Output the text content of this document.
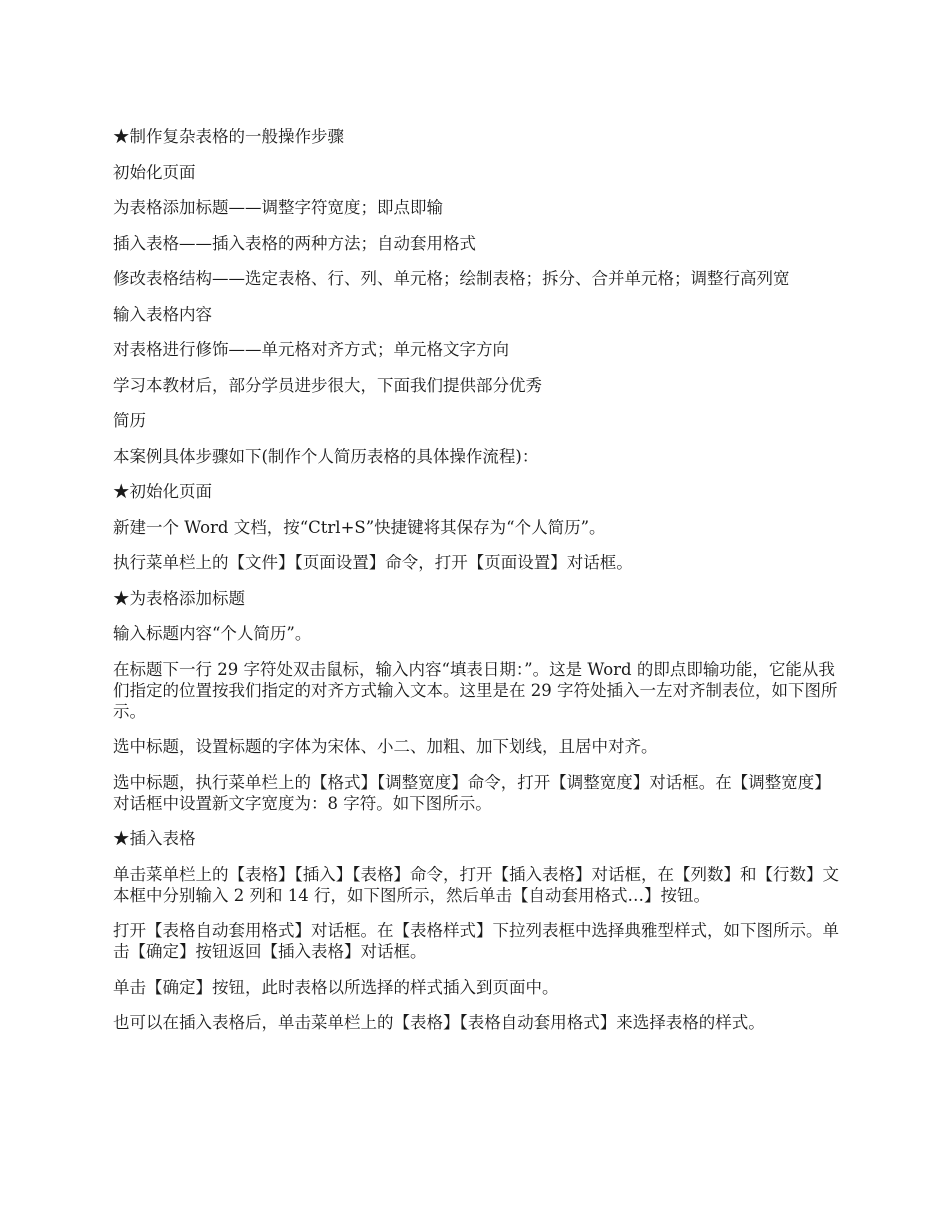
★制作复杂表格的一般操作步骤

初始化页面

为表格添加标题——调整字符宽度；即点即输

插入表格——插入表格的两种方法；自动套用格式

修改表格结构——选定表格、行、列、单元格；绘制表格；拆分、合并单元格；调整行高列宽

输入表格内容

对表格进行修饰——单元格对齐方式；单元格文字方向

学习本教材后，部分学员进步很大，下面我们提供部分优秀

简历

本案例具体步骤如下(制作个人简历表格的具体操作流程)：

★初始化页面

新建一个 Word 文档，按“Ctrl+S”快捷键将其保存为“个人简历”。

执行菜单栏上的【文件】【页面设置】命令，打开【页面设置】对话框。

★为表格添加标题

输入标题内容“个人简历”。

在标题下一行 29 字符处双击鼠标，输入内容“填表日期：”。这是 Word 的即点即输功能，它能从我们指定的位置按我们指定的对齐方式输入文本。这里是在 29 字符处插入一左对齐制表位，如下图所示。

选中标题，设置标题的字体为宋体、小二、加粗、加下划线，且居中对齐。

选中标题，执行菜单栏上的【格式】【调整宽度】命令，打开【调整宽度】对话框。在【调整宽度】对话框中设置新文字宽度为：8 字符。如下图所示。

★插入表格

单击菜单栏上的【表格】【插入】【表格】命令，打开【插入表格】对话框，在【列数】和【行数】文本框中分别输入 2 列和 14 行，如下图所示，然后单击【自动套用格式…】按钮。

打开【表格自动套用格式】对话框。在【表格样式】下拉列表框中选择典雅型样式，如下图所示。单击【确定】按钮返回【插入表格】对话框。

单击【确定】按钮，此时表格以所选择的样式插入到页面中。

也可以在插入表格后，单击菜单栏上的【表格】【表格自动套用格式】来选择表格的样式。
